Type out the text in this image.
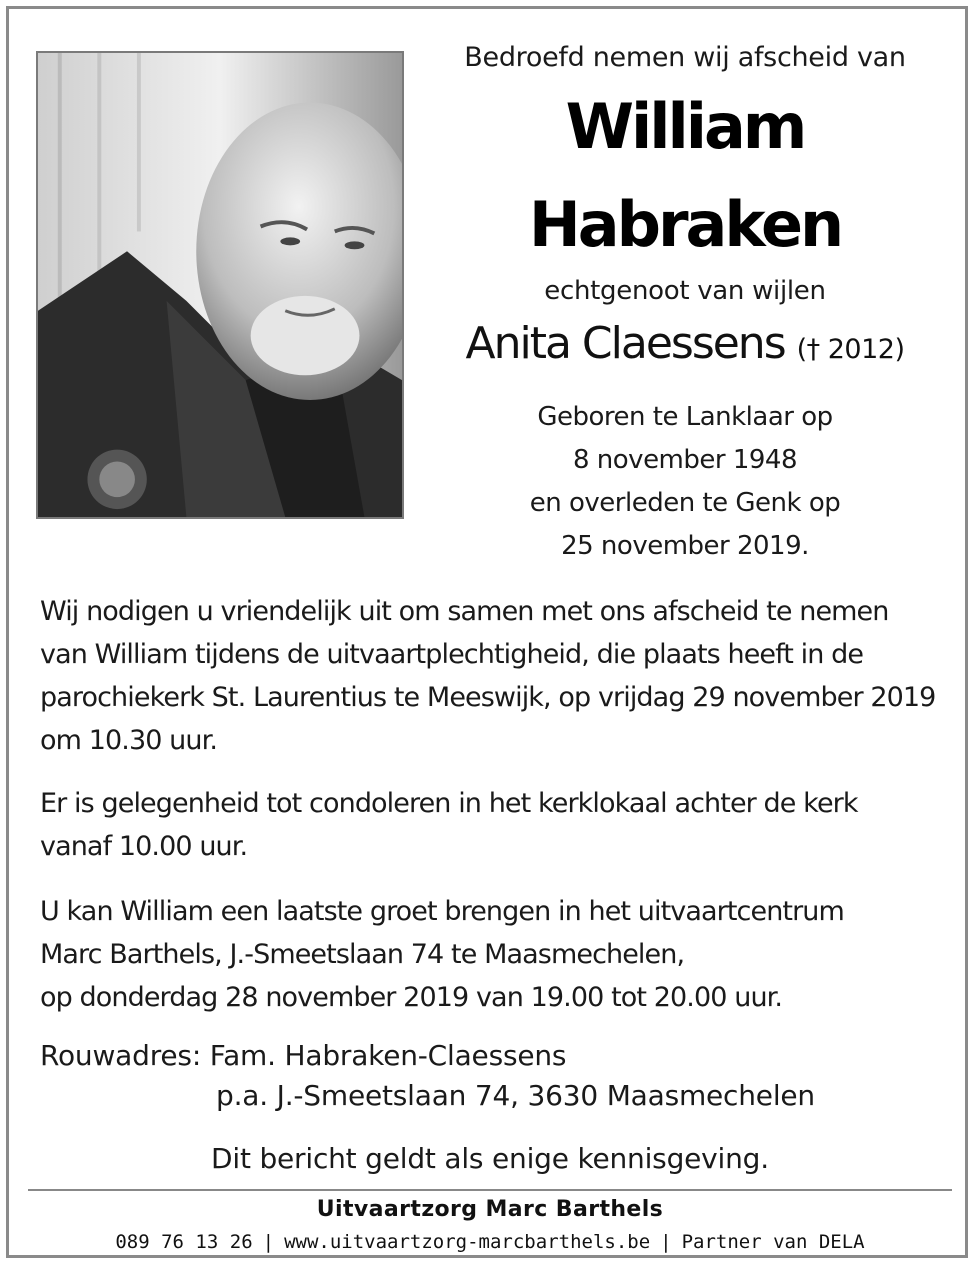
Bedroefd nemen wij afscheid van
William
Habraken
echtgenoot van wijlen
Anita Claessens († 2012)
Geboren te Lanklaar op
8 november 1948
en overleden te Genk op
25 november 2019.
Wij nodigen u vriendelijk uit om samen met ons afscheid te nemen
van William tijdens de uitvaartplechtigheid, die plaats heeft in de
parochiekerk St. Laurentius te Meeswijk, op vrijdag 29 november 2019
om 10.30 uur.
Er is gelegenheid tot condoleren in het kerklokaal achter de kerk
vanaf 10.00 uur.
U kan William een laatste groet brengen in het uitvaartcentrum
Marc Barthels, J.-Smeetslaan 74 te Maasmechelen,
op donderdag 28 november 2019 van 19.00 tot 20.00 uur.
Rouwadres: Fam. Habraken-Claessens
p.a. J.-Smeetslaan 74, 3630 Maasmechelen
Dit bericht geldt als enige kennisgeving.
Uitvaartzorg Marc Barthels
089 76 13 26 | www.uitvaartzorg-marcbarthels.be | Partner van DELA
